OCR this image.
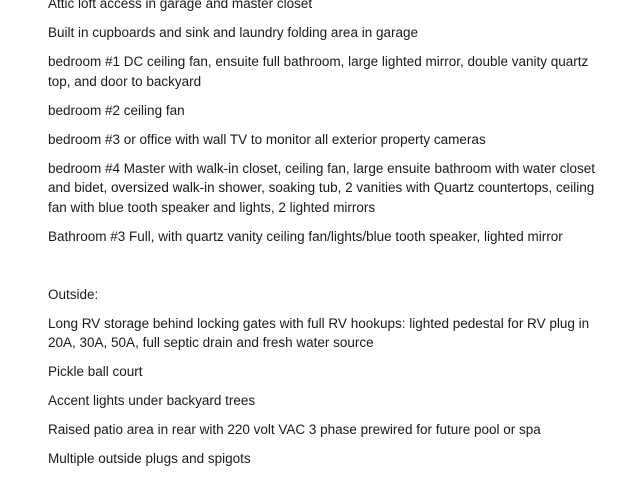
Attic loft access in garage and master closet

Built in cupboards and sink and laundry folding area in garage

bedroom #1 DC ceiling fan, ensuite full bathroom, large lighted mirror, double vanity quartz top, and door to backyard

bedroom #2 ceiling fan

bedroom #3 or office with wall TV to monitor all exterior property cameras

bedroom #4 Master with walk-in closet, ceiling fan, large ensuite bathroom with water closet and bidet, oversized walk-in shower, soaking tub, 2 vanities with Quartz countertops, ceiling fan with blue tooth speaker and lights, 2 lighted mirrors

Bathroom #3 Full, with quartz vanity ceiling fan/lights/blue tooth speaker, lighted mirror

Outside:

Long RV storage behind locking gates with full RV hookups: lighted pedestal for RV plug in 20A, 30A, 50A, full septic drain and fresh water source

Pickle ball court

Accent lights under backyard trees

Raised patio area in rear with 220 volt VAC 3 phase prewired for future pool or spa

Multiple outside plugs and spigots
